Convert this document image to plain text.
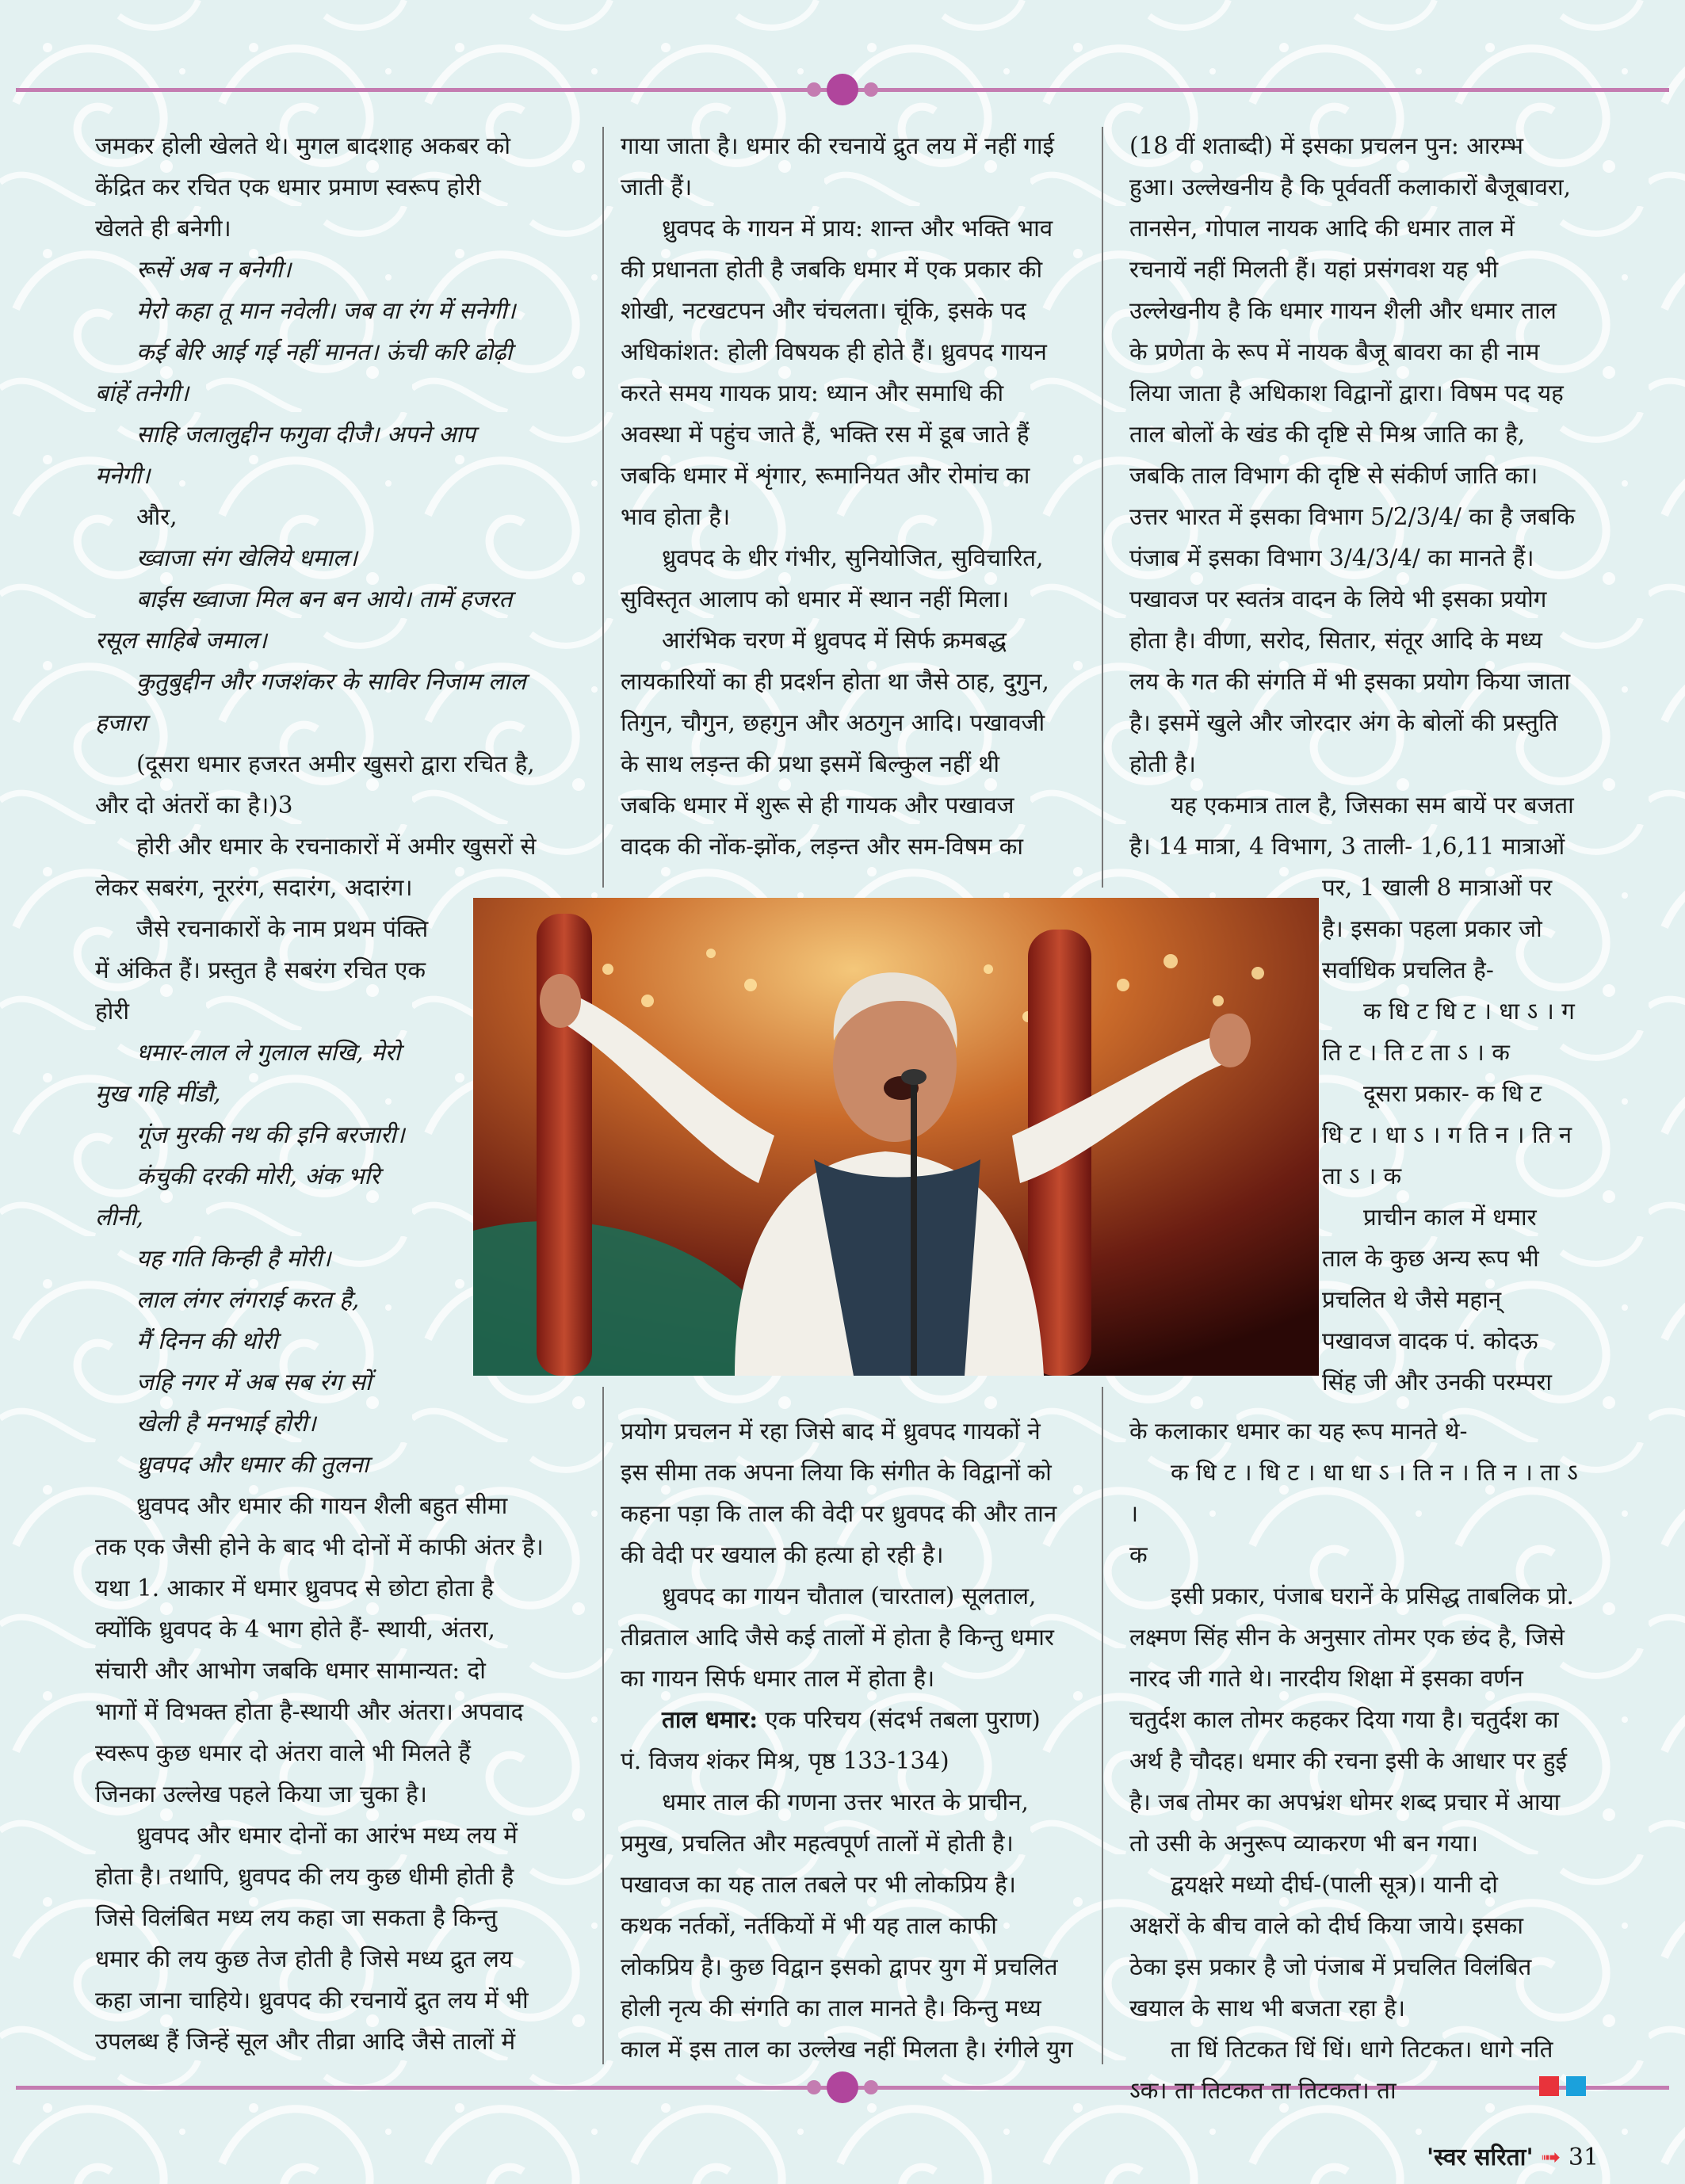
जमकर होली खेलते थे। मुगल बादशाह अकबर को

केंद्रित कर रचित एक धमार प्रमाण स्वरूप होरी

खेलते ही बनेगी।

रूसें अब न बनेगी।

मेरो कहा तू मान नवेली। जब वा रंग में सनेगी।

कई बेरि आई गई नहीं मानत। ऊंची करि ढोढ़ी

बांहें तनेगी।

साहि जलालुद्दीन फगुवा दीजै। अपने आप

मनेगी।

और,

ख्वाजा संग खेलिये धमाल।

बाईस ख्वाजा मिल बन बन आये। तामें हजरत

रसूल साहिबे जमाल।

कुतुबुद्दीन और गजशंकर के साविर निजाम लाल

हजारा

(दूसरा धमार हजरत अमीर खुसरो द्वारा रचित है,

और दो अंतरों का है।)3

होरी और धमार के रचनाकारों में अमीर खुसरों से

लेकर सबरंग, नूररंग, सदारंग, अदारंग।

जैसे रचनाकारों के नाम प्रथम पंक्ति

में अंकित हैं। प्रस्तुत है सबरंग रचित एक

होरी

धमार-लाल ले गुलाल सखि, मेरो

मुख गहि मींडौ,

गूंज मुरकी नथ की इनि बरजारी।

कंचुकी दरकी मोरी, अंक भरि

लीनी,

यह गति किन्ही है मोरी।

लाल लंगर लंगराई करत है,

मैं दिनन की थोरी

जहि नगर में अब सब रंग सों

खेली है मनभाई होरी।

ध्रुवपद और धमार की तुलना

ध्रुवपद और धमार की गायन शैली बहुत सीमा

तक एक जैसी होने के बाद भी दोनों में काफी अंतर है।

यथा 1. आकार में धमार ध्रुवपद से छोटा होता है

क्योंकि ध्रुवपद के 4 भाग होते हैं- स्थायी, अंतरा,

संचारी और आभोग जबकि धमार सामान्यत: दो

भागों में विभक्त होता है-स्थायी और अंतरा। अपवाद

स्वरूप कुछ धमार दो अंतरा वाले भी मिलते हैं

जिनका उल्लेख पहले किया जा चुका है।

ध्रुवपद और धमार दोनों का आरंभ मध्य लय में

होता है। तथापि, ध्रुवपद की लय कुछ धीमी होती है

जिसे विलंबित मध्य लय कहा जा सकता है किन्तु

धमार की लय कुछ तेज होती है जिसे मध्य द्रुत लय

कहा जाना चाहिये। ध्रुवपद की रचनायें द्रुत लय में भी

उपलब्ध हैं जिन्हें सूल और तीव्रा आदि जैसे तालों में

गाया जाता है। धमार की रचनायें द्रुत लय में नहीं गाई

जाती हैं।

ध्रुवपद के गायन में प्राय: शान्त और भक्ति भाव

की प्रधानता होती है जबकि धमार में एक प्रकार की

शोखी, नटखटपन और चंचलता। चूंकि, इसके पद

अधिकांशत: होली विषयक ही होते हैं। ध्रुवपद गायन

करते समय गायक प्राय: ध्यान और समाधि की

अवस्था में पहुंच जाते हैं, भक्ति रस में डूब जाते हैं

जबकि धमार में शृंगार, रूमानियत और रोमांच का

भाव होता है।

ध्रुवपद के धीर गंभीर, सुनियोजित, सुविचारित,

सुविस्तृत आलाप को धमार में स्थान नहीं मिला।

आरंभिक चरण में ध्रुवपद में सिर्फ क्रमबद्ध

लायकारियों का ही प्रदर्शन होता था जैसे ठाह, दुगुन,

तिगुन, चौगुन, छहगुन और अठगुन आदि। पखावजी

के साथ लड़न्त की प्रथा इसमें बिल्कुल नहीं थी

जबकि धमार में शुरू से ही गायक और पखावज

वादक की नोंक-झोंक, लड़न्त और सम-विषम का

प्रयोग प्रचलन में रहा जिसे बाद में ध्रुवपद गायकों ने

इस सीमा तक अपना लिया कि संगीत के विद्वानों को

कहना पड़ा कि ताल की वेदी पर ध्रुवपद की और तान

की वेदी पर खयाल की हत्या हो रही है।

ध्रुवपद का गायन चौताल (चारताल) सूलताल,

तीव्रताल आदि जैसे कई तालों में होता है किन्तु धमार

का गायन सिर्फ धमार ताल में होता है।

ताल धमार: एक परिचय (संदर्भ तबला पुराण)

पं. विजय शंकर मिश्र, पृष्ठ 133-134)

धमार ताल की गणना उत्तर भारत के प्राचीन,

प्रमुख, प्रचलित और महत्वपूर्ण तालों में होती है।

पखावज का यह ताल तबले पर भी लोकप्रिय है।

कथक नर्तकों, नर्तकियों में भी यह ताल काफी

लोकप्रिय है। कुछ विद्वान इसको द्वापर युग में प्रचलित

होली नृत्य की संगति का ताल मानते है। किन्तु मध्य

काल में इस ताल का उल्लेख नहीं मिलता है। रंगीले युग

(18 वीं शताब्दी) में इसका प्रचलन पुन: आरम्भ

हुआ। उल्लेखनीय है कि पूर्ववर्ती कलाकारों बैजूबावरा,

तानसेन, गोपाल नायक आदि की धमार ताल में

रचनायें नहीं मिलती हैं। यहां प्रसंगवश यह भी

उल्लेखनीय है कि धमार गायन शैली और धमार ताल

के प्रणेता के रूप में नायक बैजू बावरा का ही नाम

लिया जाता है अधिकाश विद्वानों द्वारा। विषम पद यह

ताल बोलों के खंड की दृष्टि से मिश्र जाति का है,

जबकि ताल विभाग की दृष्टि से संकीर्ण जाति का।

उत्तर भारत में इसका विभाग 5/2/3/4/ का है जबकि

पंजाब में इसका विभाग 3/4/3/4/ का मानते हैं।

पखावज पर स्वतंत्र वादन के लिये भी इसका प्रयोग

होता है। वीणा, सरोद, सितार, संतूर आदि के मध्य

लय के गत की संगति में भी इसका प्रयोग किया जाता

है। इसमें खुले और जोरदार अंग के बोलों की प्रस्तुति

होती है।

यह एकमात्र ताल है, जिसका सम बायें पर बजता

है। 14 मात्रा, 4 विभाग, 3 ताली- 1,6,11 मात्राओं

पर, 1 खाली 8 मात्राओं पर

है। इसका पहला प्रकार जो

सर्वाधिक प्रचलित है-

क धि ट धि ट । धा ऽ । ग

ति ट । ति ट ता ऽ । क

दूसरा प्रकार- क धि ट

धि ट । धा ऽ । ग ति न । ति न

ता ऽ । क

प्राचीन काल में धमार

ताल के कुछ अन्य रूप भी

प्रचलित थे जैसे महान्

पखावज वादक पं. कोदऊ

सिंह जी और उनकी परम्परा

के कलाकार धमार का यह रूप मानते थे-

क धि ट । धि ट । धा धा ऽ । ति न । ति न । ता ऽ ।

क

इसी प्रकार, पंजाब घरानें के प्रसिद्ध ताबलिक प्रो.

लक्ष्मण सिंह सीन के अनुसार तोमर एक छंद है, जिसे

नारद जी गाते थे। नारदीय शिक्षा में इसका वर्णन

चतुर्दश काल तोमर कहकर दिया गया है। चतुर्दश का

अर्थ है चौदह। धमार की रचना इसी के आधार पर हुई

है। जब तोमर का अपभ्रंश धोमर शब्द प्रचार में आया

तो उसी के अनुरूप व्याकरण भी बन गया।

द्वयक्षरे मध्यो दीर्घ-(पाली सूत्र)। यानी दो

अक्षरों के बीच वाले को दीर्घ किया जाये। इसका

ठेका इस प्रकार है जो पंजाब में प्रचलित विलंबित

खयाल के साथ भी बजता रहा है।

ता धिं तिटकत धिं धिं। धागे तिटकत। धागे नति

ऽक। ता तिटकत ता तिटकत। ता

'स्वर सरिता' ➟ 31
